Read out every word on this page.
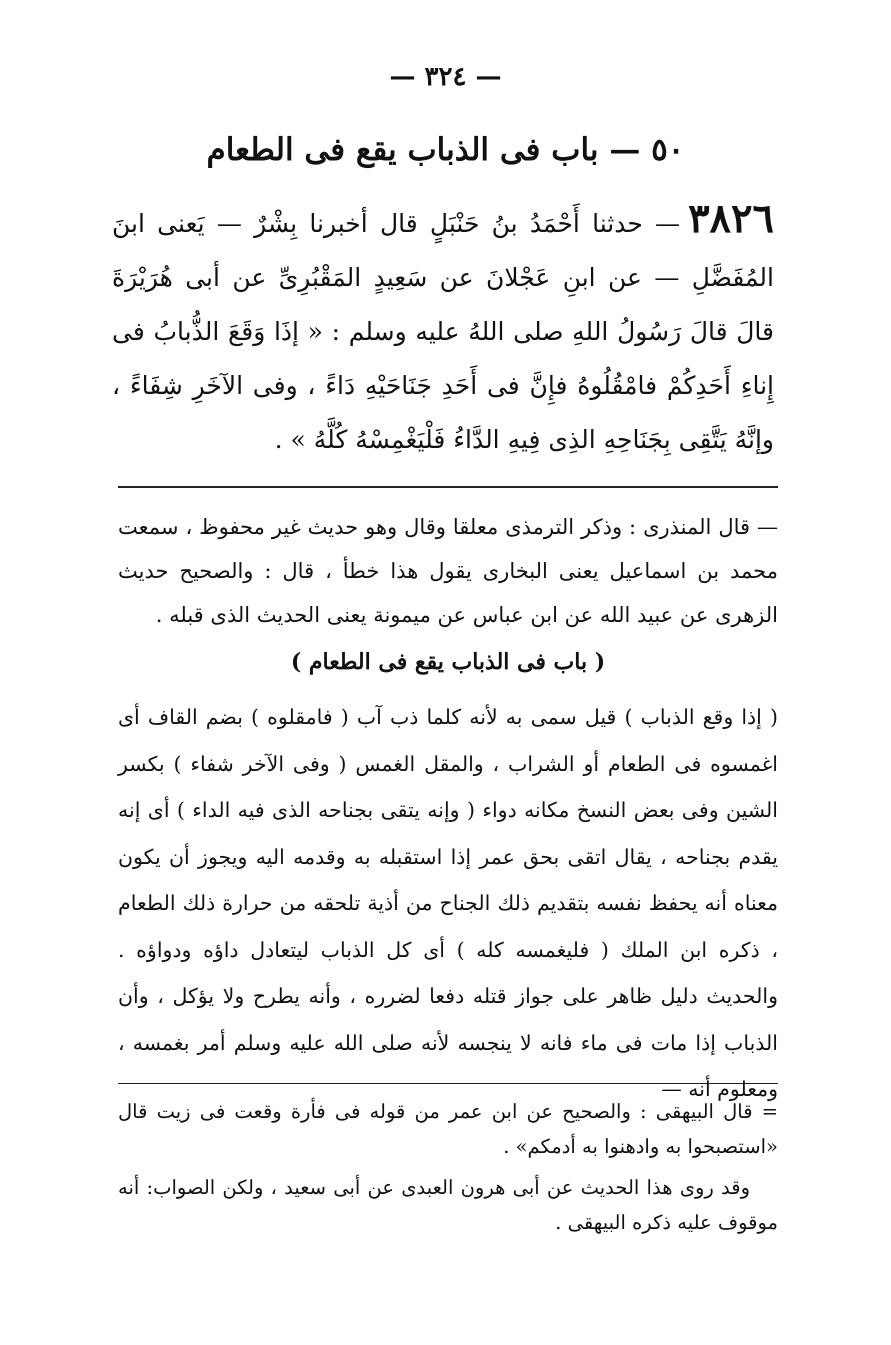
— ٣٢٤ —
٥٠ — باب فى الذباب يقع فى الطعام
٣٨٢٦— حدثنا أَحْمَدُ بنُ حَنْبَلٍ قال أخبرنا بِشْرٌ — يَعنى ابنَ المُفَضَّلِ — عن ابنِ عَجْلانَ عن سَعِيدٍ المَقْبُرِىِّ عن أبى هُرَيْرَةَ قالَ قالَ رَسُولُ اللهِ صلى اللهُ عليه وسلم : « إذَا وَقَعَ الذُّبابُ فى إِناءِ أَحَدِكُمْ فامْقُلُوهُ فإِنَّ فى أَحَدِ جَنَاحَيْهِ دَاءً ، وفى الآخَرِ شِفَاءً ، وإنَّهُ يَتَّقِى بِجَنَاحِهِ الذِى فِيهِ الدَّاءُ فَلْيَغْمِسْهُ كُلَّهُ » .
— قال المنذرى : وذكر الترمذى معلقا وقال وهو حديث غير محفوظ ، سمعت محمد بن اسماعيل يعنى البخارى يقول هذا خطأ ، قال : والصحيح حديث الزهرى عن عبيد الله عن ابن عباس عن ميمونة يعنى الحديث الذى قبله .
( باب فى الذباب يقع فى الطعام )
( إذا وقع الذباب ) قيل سمى به لأنه كلما ذب آب ( فامقلوه ) بضم القاف أى اغمسوه فى الطعام أو الشراب ، والمقل الغمس ( وفى الآخر شفاء ) بكسر الشين وفى بعض النسخ مكانه دواء ( وإنه يتقى بجناحه الذى فيه الداء ) أى إنه يقدم بجناحه ، يقال اتقى بحق عمر إذا استقبله به وقدمه اليه ويجوز أن يكون معناه أنه يحفظ نفسه بتقديم ذلك الجناح من أذية تلحقه من حرارة ذلك الطعام ، ذكره ابن الملك ( فليغمسه كله ) أى كل الذباب ليتعادل داؤه ودواؤه . والحديث دليل ظاهر على جواز قتله دفعا لضرره ، وأنه يطرح ولا يؤكل ، وأن الذباب إذا مات فى ماء فانه لا ينجسه لأنه صلى الله عليه وسلم أمر بغمسه ، ومعلوم أنه —

= قال البيهقى : والصحيح عن ابن عمر من قوله فى فأرة وقعت فى زيت قال «استصبحوا به وادهنوا به أدمكم» .

وقد روى هذا الحديث عن أبى هرون العبدى عن أبى سعيد ، ولكن الصواب: أنه موقوف عليه ذكره البيهقى .
